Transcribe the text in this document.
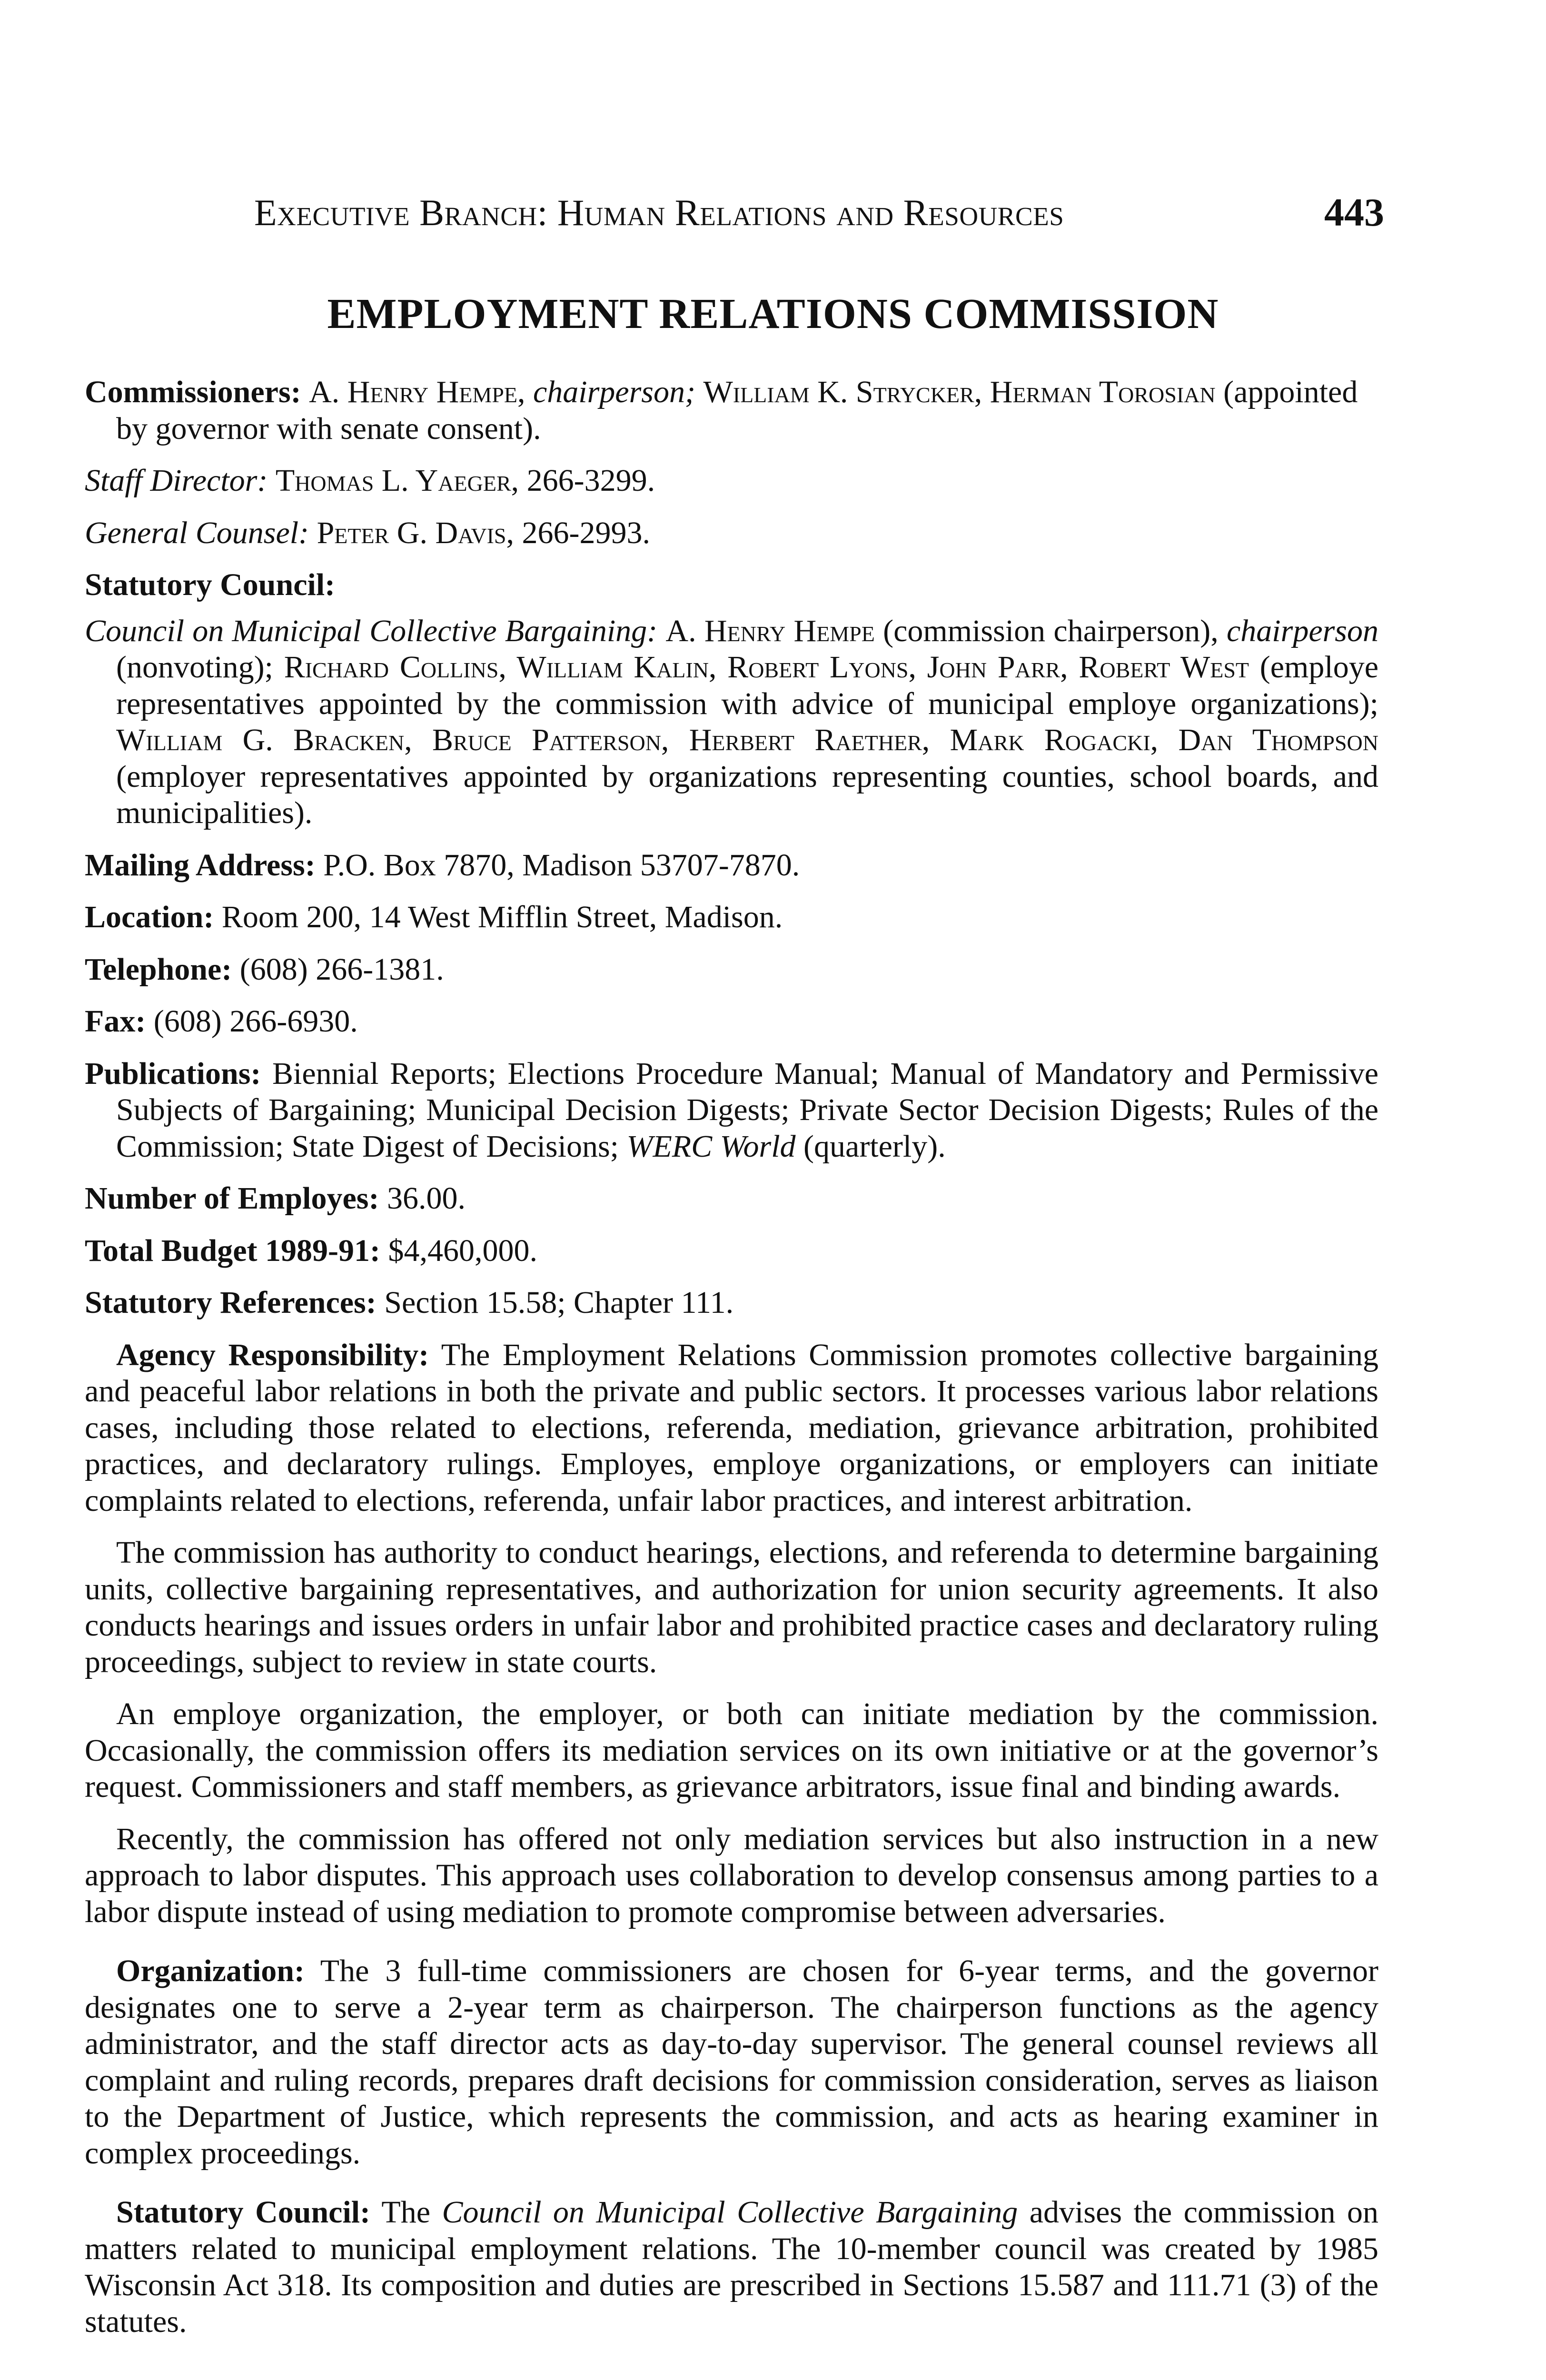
Executive Branch: Human Relations and Resources	443
EMPLOYMENT RELATIONS COMMISSION

Commissioners: A. Henry Hempe, chairperson; William K. Strycker, Herman Torosian (appointed by governor with senate consent).

Staff Director: Thomas L. Yaeger, 266-3299.

General Counsel: Peter G. Davis, 266-2993.

Statutory Council:

Council on Municipal Collective Bargaining: A. Henry Hempe (commission chairperson), chairperson (nonvoting); Richard Collins, William Kalin, Robert Lyons, John Parr, Robert West (employe representatives appointed by the commission with advice of municipal employe organizations); William G. Bracken, Bruce Patterson, Herbert Raether, Mark Rogacki, Dan Thompson (employer representatives appointed by organizations representing counties, school boards, and municipalities).

Mailing Address: P.O. Box 7870, Madison 53707-7870.

Location: Room 200, 14 West Mifflin Street, Madison.

Telephone: (608) 266-1381.

Fax: (608) 266-6930.

Publications: Biennial Reports; Elections Procedure Manual; Manual of Mandatory and Permissive Subjects of Bargaining; Municipal Decision Digests; Private Sector Decision Digests; Rules of the Commission; State Digest of Decisions; WERC World (quarterly).

Number of Employes: 36.00.

Total Budget 1989-91: $4,460,000.

Statutory References: Section 15.58; Chapter 111.

Agency Responsibility: The Employment Relations Commission promotes collective bargaining and peaceful labor relations in both the private and public sectors. It processes various labor relations cases, including those related to elections, referenda, mediation, grievance arbitration, prohibited practices, and declaratory rulings. Employes, employe organizations, or employers can initiate complaints related to elections, referenda, unfair labor practices, and interest arbitration.

The commission has authority to conduct hearings, elections, and referenda to determine bargaining units, collective bargaining representatives, and authorization for union security agreements. It also conducts hearings and issues orders in unfair labor and prohibited practice cases and declaratory ruling proceedings, subject to review in state courts.

An employe organization, the employer, or both can initiate mediation by the commission. Occasionally, the commission offers its mediation services on its own initiative or at the governor’s request. Commissioners and staff members, as grievance arbitrators, issue final and binding awards.

Recently, the commission has offered not only mediation services but also instruction in a new approach to labor disputes. This approach uses collaboration to develop consensus among parties to a labor dispute instead of using mediation to promote compromise between adversaries.

Organization: The 3 full-time commissioners are chosen for 6-year terms, and the governor designates one to serve a 2-year term as chairperson. The chairperson functions as the agency administrator, and the staff director acts as day-to-day supervisor. The general counsel reviews all complaint and ruling records, prepares draft decisions for commission consideration, serves as liaison to the Department of Justice, which represents the commission, and acts as hearing examiner in complex proceedings.

Statutory Council: The Council on Municipal Collective Bargaining advises the commission on matters related to municipal employment relations. The 10-member council was created by 1985 Wisconsin Act 318. Its composition and duties are prescribed in Sections 15.587 and 111.71 (3) of the statutes.
